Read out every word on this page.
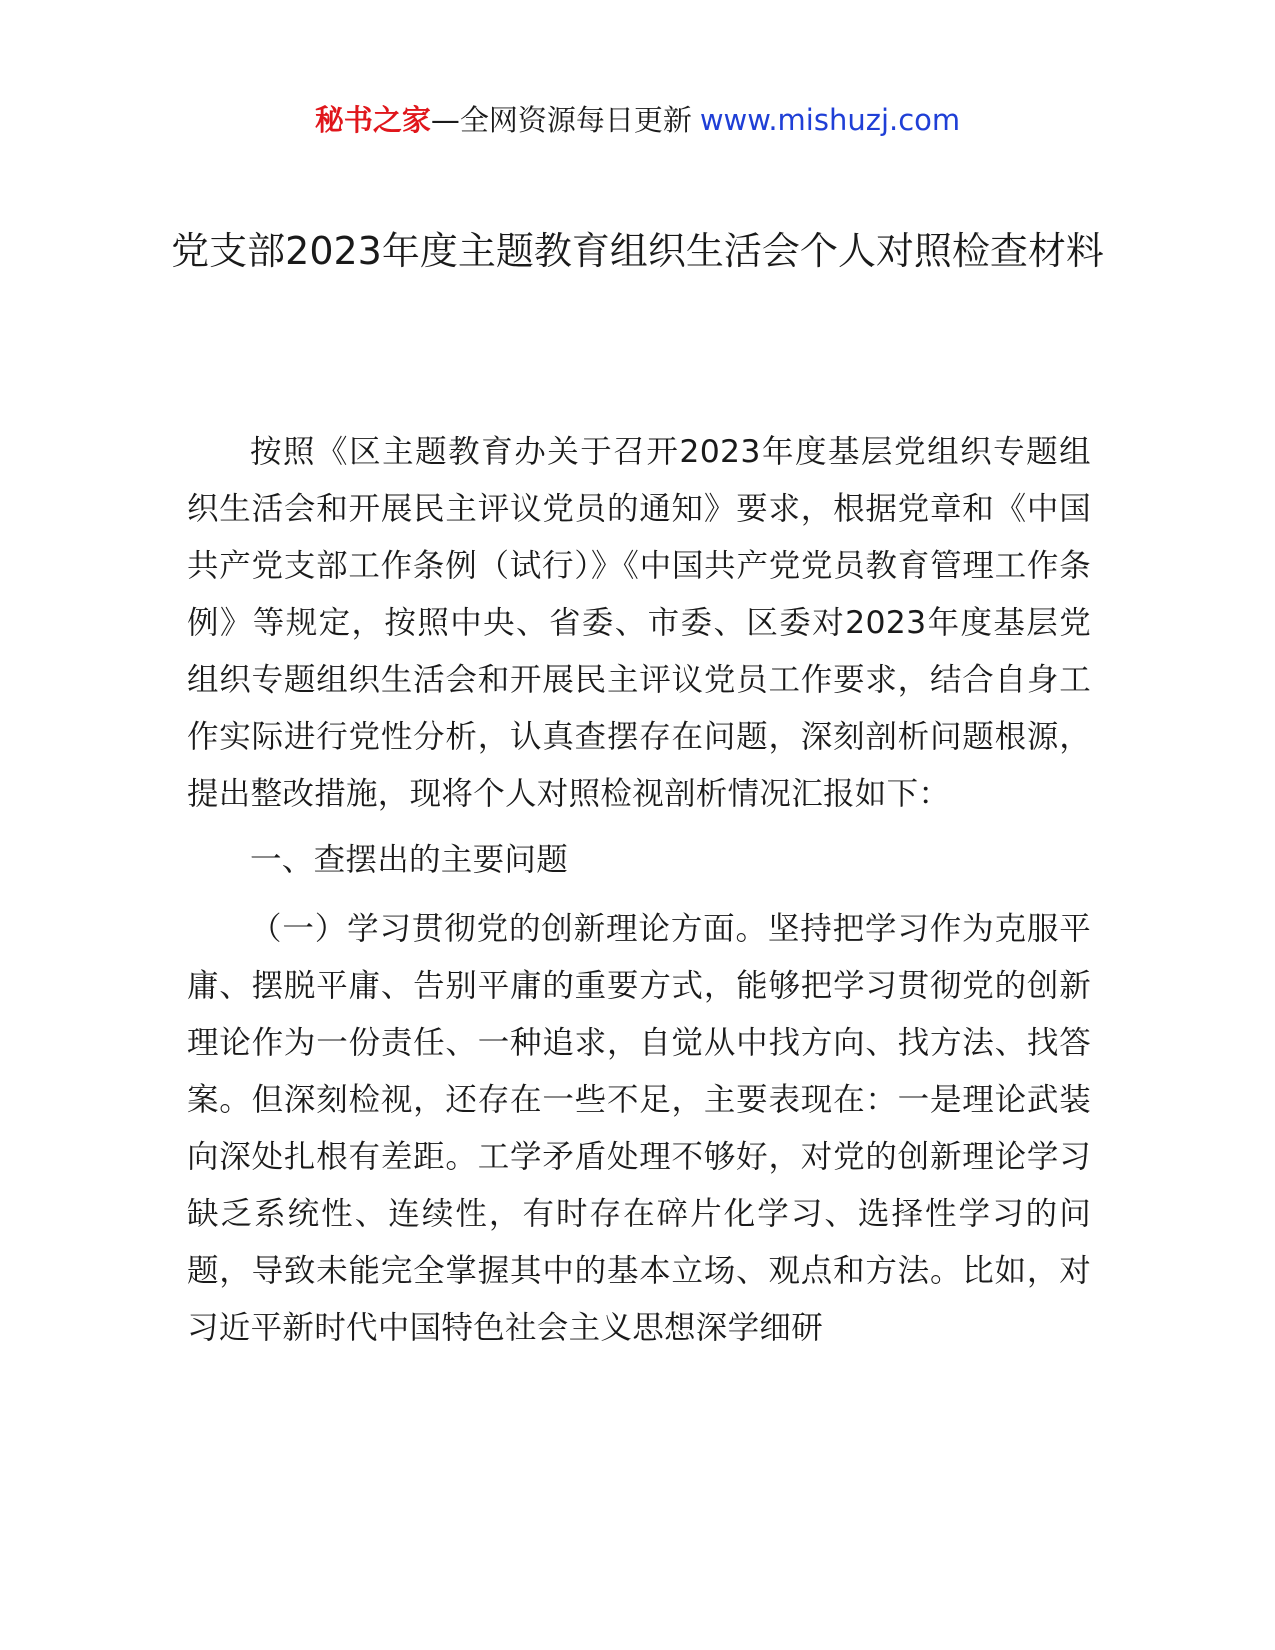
秘书之家—全网资源每日更新 www.mishuzj.com
党支部2023年度主题教育组织生活会个人对照检查材料

按照《区主题教育办关于召开2023年度基层党组织专题组织生活会和开展民主评议党员的通知》要求，根据党章和《中国共产党支部工作条例（试行）》《中国共产党党员教育管理工作条例》等规定，按照中央、省委、市委、区委对2023年度基层党组织专题组织生活会和开展民主评议党员工作要求，结合自身工作实际进行党性分析，认真查摆存在问题，深刻剖析问题根源，提出整改措施，现将个人对照检视剖析情况汇报如下：

一、查摆出的主要问题

（一）学习贯彻党的创新理论方面。坚持把学习作为克服平庸、摆脱平庸、告别平庸的重要方式，能够把学习贯彻党的创新理论作为一份责任、一种追求，自觉从中找方向、找方法、找答案。但深刻检视，还存在一些不足，主要表现在：一是理论武装向深处扎根有差距。工学矛盾处理不够好，对党的创新理论学习缺乏系统性、连续性，有时存在碎片化学习、选择性学习的问题，导致未能完全掌握其中的基本立场、观点和方法。比如，对习近平新时代中国特色社会主义思想深学细研
